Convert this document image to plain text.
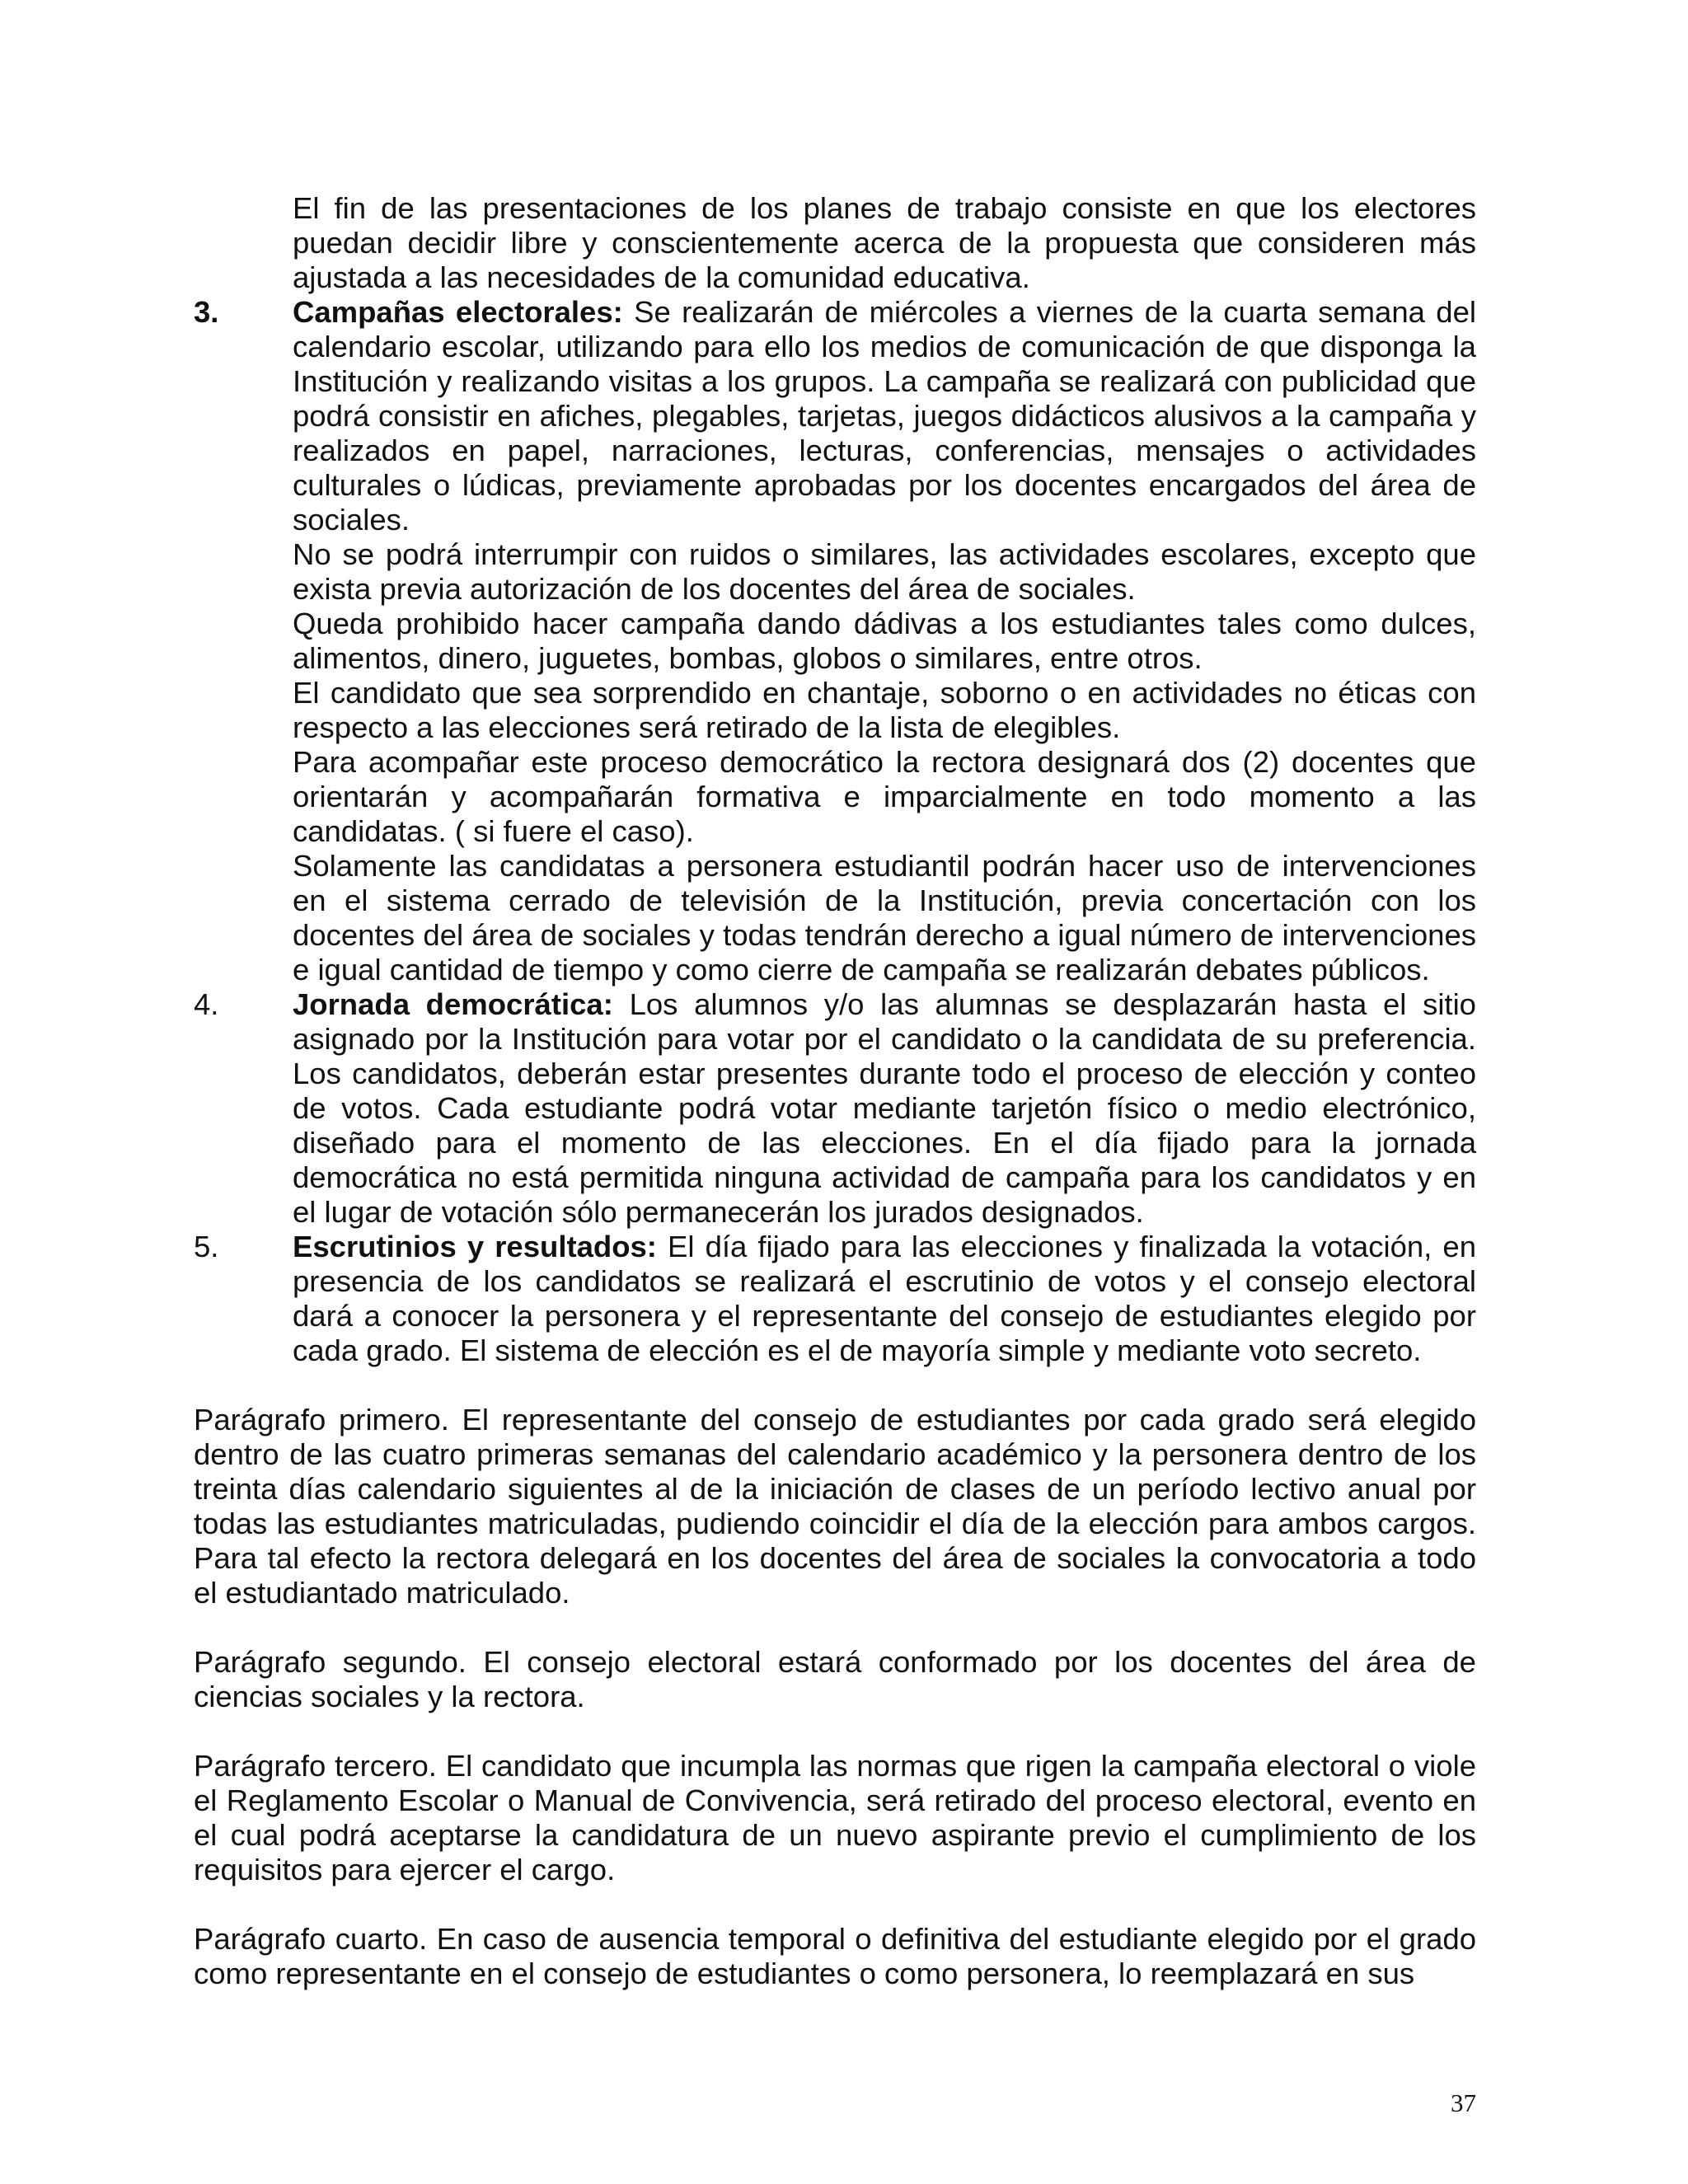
El fin de las presentaciones de los planes de trabajo consiste en que los electores puedan decidir libre y conscientemente acerca de la propuesta que consideren más ajustada a las necesidades de la comunidad educativa.

3. Campañas electorales: Se realizarán de miércoles a viernes de la cuarta semana del calendario escolar, utilizando para ello los medios de comunicación de que disponga la Institución y realizando visitas a los grupos. La campaña se realizará con publicidad que podrá consistir en afiches, plegables, tarjetas, juegos didácticos alusivos a la campaña y realizados en papel, narraciones, lecturas, conferencias, mensajes o actividades culturales o lúdicas, previamente aprobadas por los docentes encargados del área de sociales.

No se podrá interrumpir con ruidos o similares, las actividades escolares, excepto que exista previa autorización de los docentes del área de sociales.

Queda prohibido hacer campaña dando dádivas a los estudiantes tales como dulces, alimentos, dinero, juguetes, bombas, globos o similares, entre otros.

El candidato que sea sorprendido en chantaje, soborno o en actividades no éticas con respecto a las elecciones será retirado de la lista de elegibles.

Para acompañar este proceso democrático la rectora designará dos (2) docentes que orientarán y acompañarán formativa e imparcialmente en todo momento a las candidatas. ( si fuere el caso).

Solamente las candidatas a personera estudiantil podrán hacer uso de intervenciones en el sistema cerrado de televisión de la Institución, previa concertación con los docentes del área de sociales y todas tendrán derecho a igual número de intervenciones e igual cantidad de tiempo y como cierre de campaña se realizarán debates públicos.

4. Jornada democrática: Los alumnos y/o las alumnas se desplazarán hasta el sitio asignado por la Institución para votar por el candidato o la candidata de su preferencia. Los candidatos, deberán estar presentes durante todo el proceso de elección y conteo de votos. Cada estudiante podrá votar mediante tarjetón físico o medio electrónico, diseñado para el momento de las elecciones. En el día fijado para la jornada democrática no está permitida ninguna actividad de campaña para los candidatos y en el lugar de votación sólo permanecerán los jurados designados.

5. Escrutinios y resultados: El día fijado para las elecciones y finalizada la votación, en presencia de los candidatos se realizará el escrutinio de votos y el consejo electoral dará a conocer la personera y el representante del consejo de estudiantes elegido por cada grado. El sistema de elección es el de mayoría simple y mediante voto secreto.

Parágrafo primero. El representante del consejo de estudiantes por cada grado será elegido dentro de las cuatro primeras semanas del calendario académico y la personera dentro de los treinta días calendario siguientes al de la iniciación de clases de un período lectivo anual por todas las estudiantes matriculadas, pudiendo coincidir el día de la elección para ambos cargos. Para tal efecto la rectora delegará en los docentes del área de sociales la convocatoria a todo el estudiantado matriculado.

Parágrafo segundo. El consejo electoral estará conformado por los docentes del área de ciencias sociales y la rectora.

Parágrafo tercero. El candidato que incumpla las normas que rigen la campaña electoral o viole el Reglamento Escolar o Manual de Convivencia, será retirado del proceso electoral, evento en el cual podrá aceptarse la candidatura de un nuevo aspirante previo el cumplimiento de los requisitos para ejercer el cargo.

Parágrafo cuarto. En caso de ausencia temporal o definitiva del estudiante elegido por el grado como representante en el consejo de estudiantes o como personera, lo reemplazará en sus

37
